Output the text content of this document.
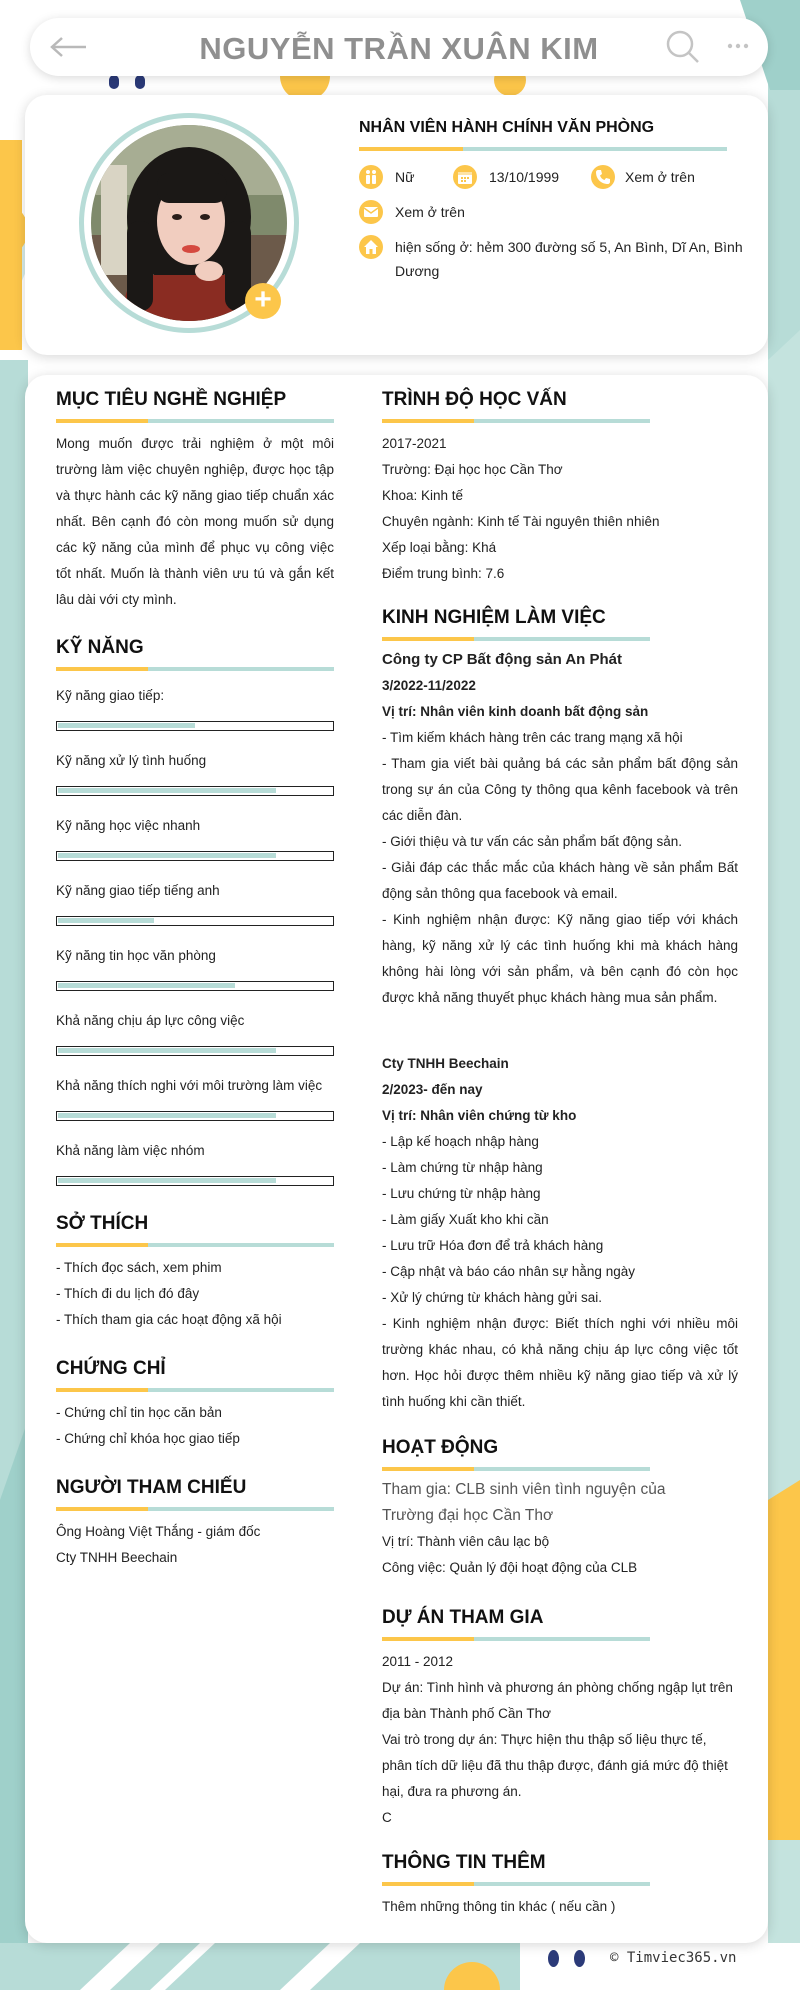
NGUYỄN TRẦN XUÂN KIM
+
NHÂN VIÊN HÀNH CHÍNH VĂN PHÒNG
Nữ	13/10/1999	Xem ở trên
Xem ở trên
hiện sống ở: hẻm 300 đường số 5, An Bình, Dĩ An, Bình Dương
MỤC TIÊU NGHỀ NGHIỆP
Mong muốn được trải nghiệm ở một môi trường làm việc chuyên nghiệp, được học tập và thực hành các kỹ năng giao tiếp chuẩn xác nhất. Bên cạnh đó còn mong muốn sử dụng các kỹ năng của mình để phục vụ công việc tốt nhất. Muốn là thành viên ưu tú và gắn kết lâu dài với cty mình.
KỸ NĂNG
Kỹ năng giao tiếp:
Kỹ năng xử lý tình huống
Kỹ năng học việc nhanh
Kỹ năng giao tiếp tiếng anh
Kỹ năng tin học văn phòng
Khả năng chịu áp lực công việc
Khả năng thích nghi với môi trường làm việc
Khả năng làm việc nhóm
SỞ THÍCH
- Thích đọc sách, xem phim
- Thích đi du lịch đó đây
- Thích tham gia các hoạt động xã hội
CHỨNG CHỈ
- Chứng chỉ tin học căn bản
- Chứng chỉ khóa học giao tiếp
NGƯỜI THAM CHIẾU
Ông Hoàng Việt Thắng - giám đốc
Cty TNHH Beechain
TRÌNH ĐỘ HỌC VẤN
2017-2021
Trường: Đại học học Cần Thơ
Khoa: Kinh tế
Chuyên ngành: Kinh tế Tài nguyên thiên nhiên
Xếp loại bằng: Khá
Điểm trung bình: 7.6
KINH NGHIỆM LÀM VIỆC
Công ty CP Bất động sản An Phát
3/2022-11/2022
Vị trí: Nhân viên kinh doanh bất động sản
- Tìm kiếm khách hàng trên các trang mạng xã hội
- Tham gia viết bài quảng bá các sản phẩm bất động sản trong sự án của Công ty thông qua kênh facebook và trên các diễn đàn.
- Giới thiệu và tư vấn các sản phẩm bất động sản.
- Giải đáp các thắc mắc của khách hàng về sản phẩm Bất động sản thông qua facebook và email.
- Kinh nghiệm nhận được: Kỹ năng giao tiếp với khách hàng, kỹ năng xử lý các tình huống khi mà khách hàng không hài lòng với sản phẩm, và bên cạnh đó còn học được khả năng thuyết phục khách hàng mua sản phẩm.
Cty TNHH Beechain
2/2023- đến nay
Vị trí: Nhân viên chứng từ kho
- Lập kế hoạch nhập hàng
- Làm chứng từ nhập hàng
- Lưu chứng từ nhập hàng
- Làm giấy Xuất kho khi cần
- Lưu trữ Hóa đơn để trả khách hàng
- Cập nhật và báo cáo nhân sự hằng ngày
- Xử lý chứng từ khách hàng gửi sai.
- Kinh nghiệm nhận được: Biết thích nghi với nhiều môi trường khác nhau, có khả năng chịu áp lực công việc tốt hơn. Học hỏi được thêm nhiều kỹ năng giao tiếp và xử lý tình huống khi cần thiết.
HOẠT ĐỘNG
Tham gia: CLB sinh viên tình nguyện của Trường đại học Cần Thơ
Vị trí: Thành viên câu lạc bộ
Công việc: Quản lý đội hoạt động của CLB
DỰ ÁN THAM GIA
2011 - 2012
Dự án: Tình hình và phương án phòng chống ngập lụt trên địa bàn Thành phố Cần Thơ
Vai trò trong dự án: Thực hiện thu thập số liệu thực tế, phân tích dữ liệu đã thu thập được, đánh giá mức độ thiệt hại, đưa ra phương án.
C
THÔNG TIN THÊM
Thêm những thông tin khác ( nếu cần )
© Timviec365.vn
